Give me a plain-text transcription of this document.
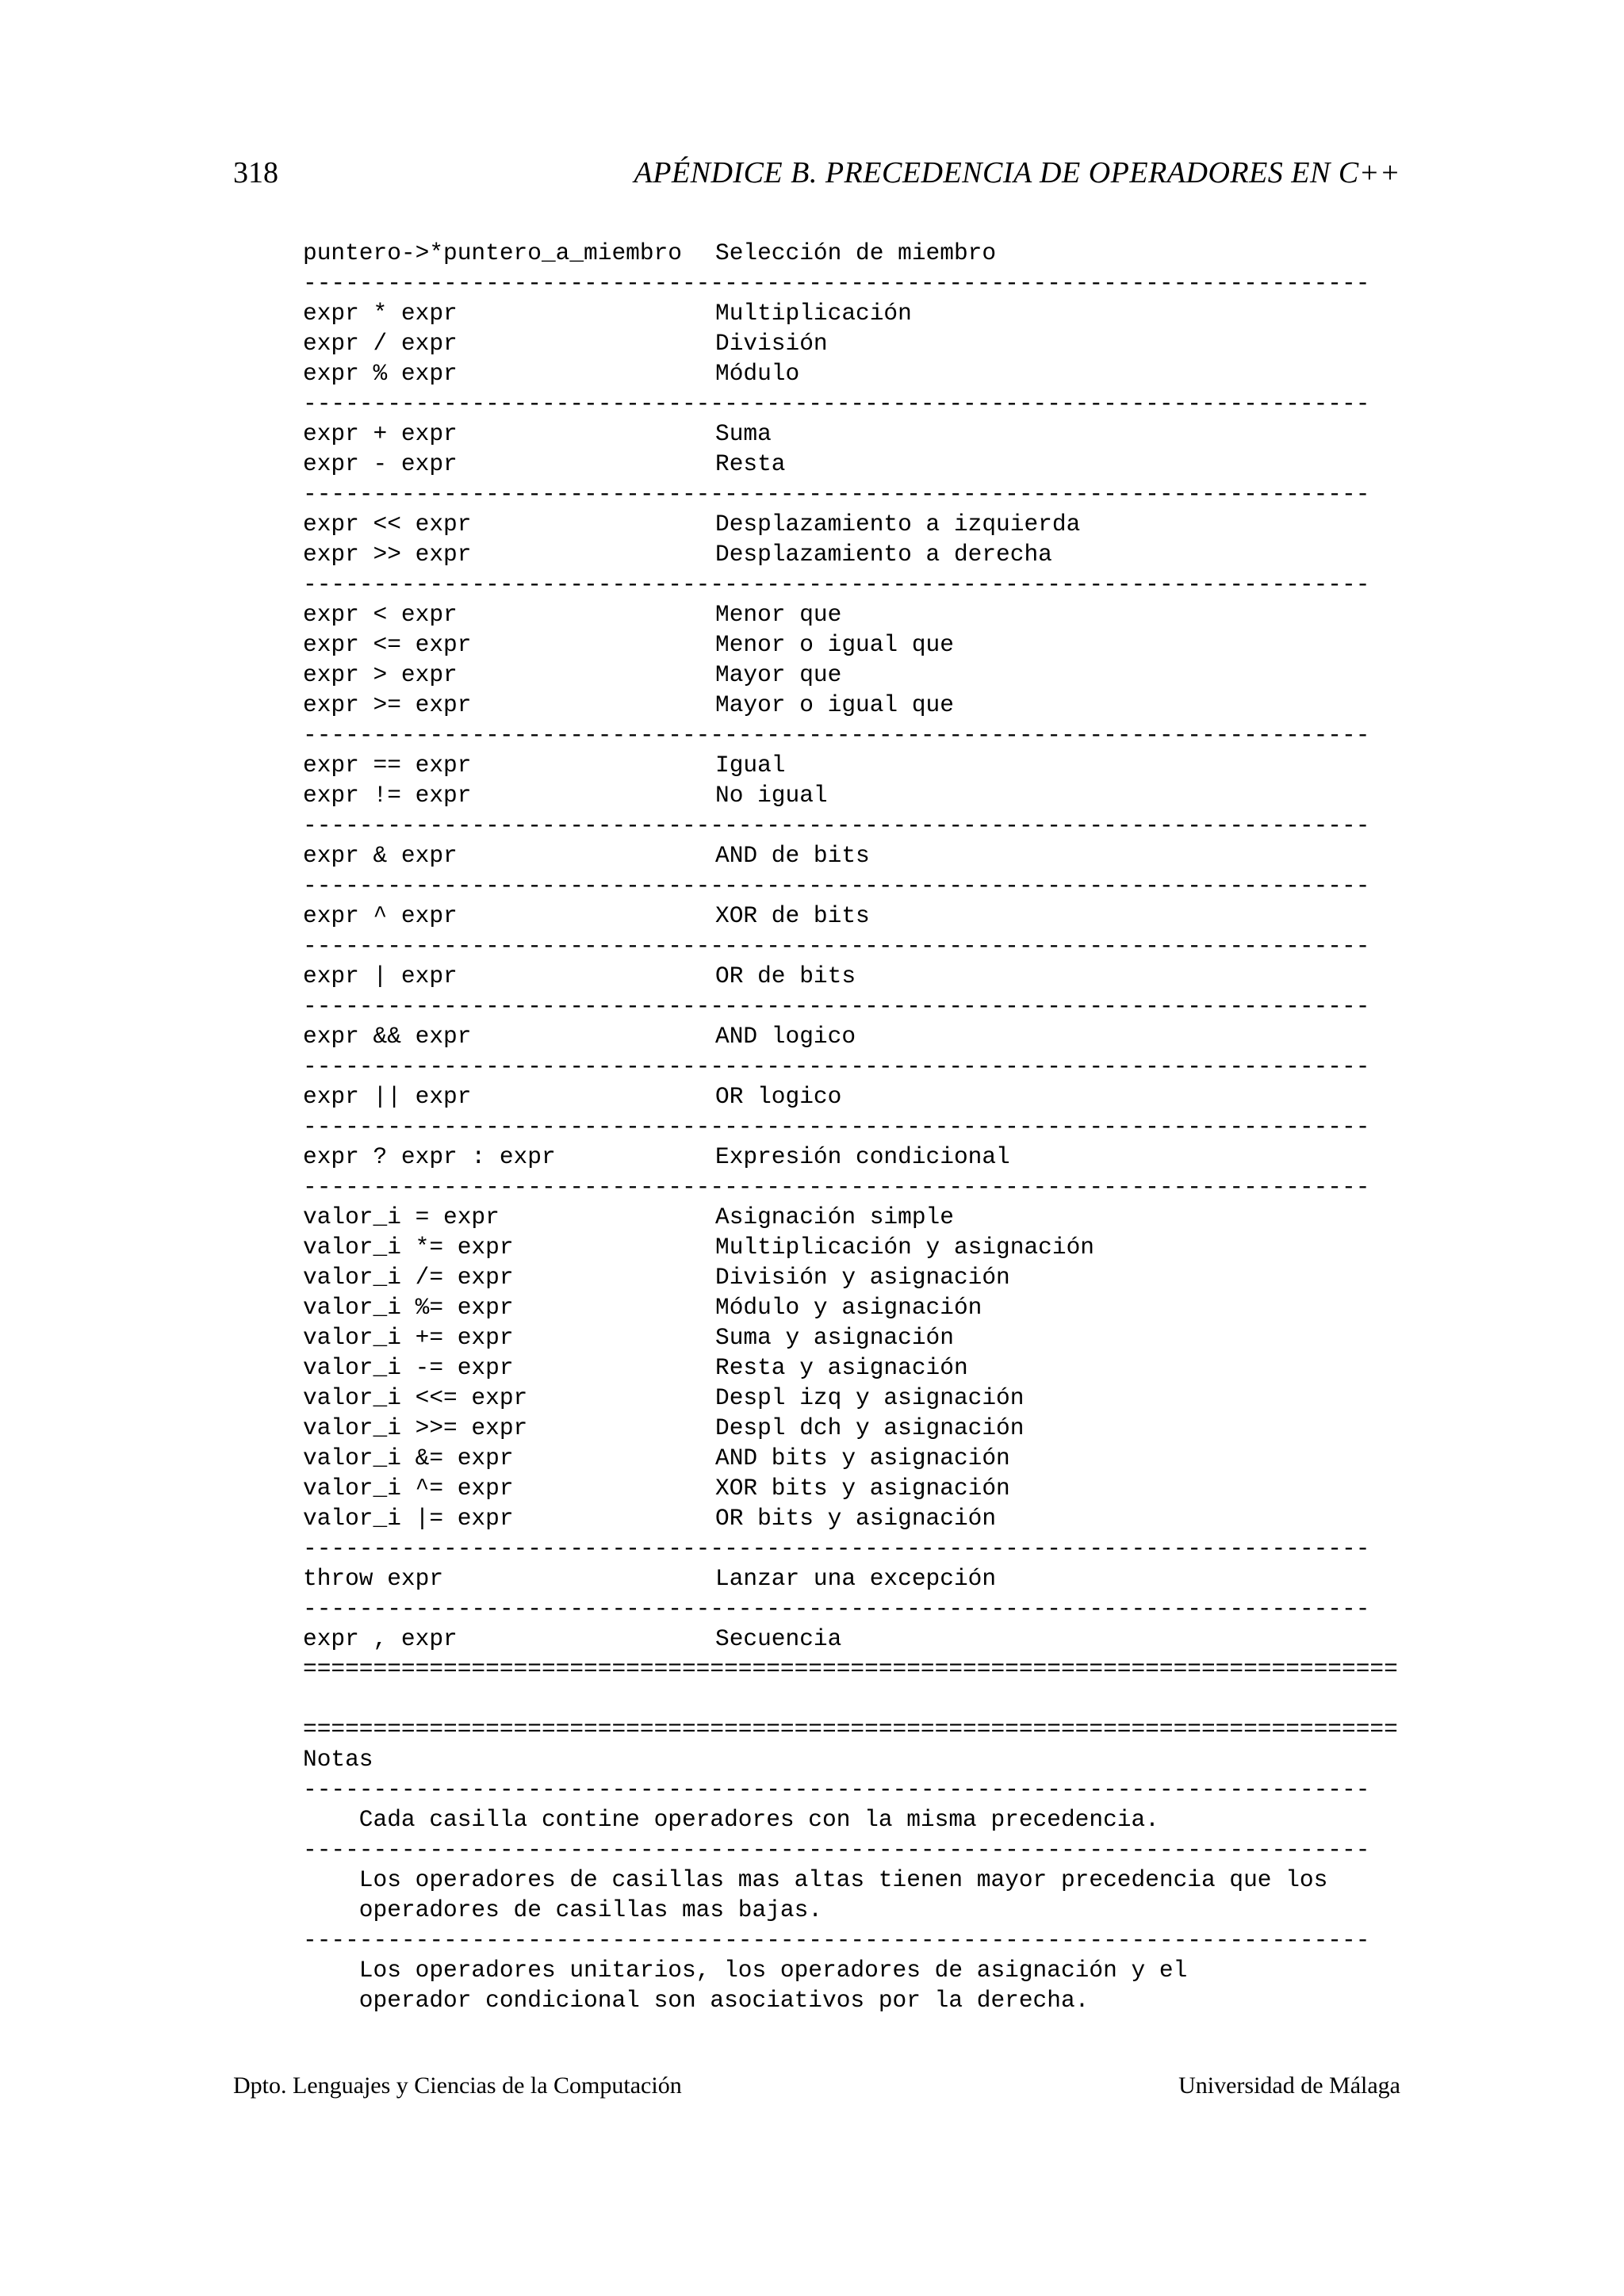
318	APÉNDICE B. PRECEDENCIA DE OPERADORES EN C++
puntero->*puntero_a_miembro Selección de miembro
----------------------------------------------------------------------------
expr * expr	Multiplicación
expr / expr	División
expr % expr	Módulo
----------------------------------------------------------------------------
expr + expr	Suma
expr - expr	Resta
----------------------------------------------------------------------------
expr << expr	Desplazamiento a izquierda
expr >> expr	Desplazamiento a derecha
----------------------------------------------------------------------------
expr < expr	Menor que
expr <= expr	Menor o igual que
expr > expr	Mayor que
expr >= expr	Mayor o igual que
----------------------------------------------------------------------------
expr == expr	Igual
expr != expr	No igual
----------------------------------------------------------------------------
expr & expr	AND de bits
----------------------------------------------------------------------------
expr ^ expr	XOR de bits
----------------------------------------------------------------------------
expr | expr	OR de bits
----------------------------------------------------------------------------
expr && expr	AND logico
----------------------------------------------------------------------------
expr || expr	OR logico
----------------------------------------------------------------------------
expr ? expr : expr	Expresión condicional
----------------------------------------------------------------------------
valor_i = expr	Asignación simple
valor_i *= expr	Multiplicación y asignación
valor_i /= expr	División y asignación
valor_i %= expr	Módulo y asignación
valor_i += expr	Suma y asignación
valor_i -= expr	Resta y asignación
valor_i <<= expr	Despl izq y asignación
valor_i >>= expr	Despl dch y asignación
valor_i &= expr	AND bits y asignación
valor_i ^= expr	XOR bits y asignación
valor_i |= expr	OR bits y asignación
----------------------------------------------------------------------------
throw expr	Lanzar una excepción
----------------------------------------------------------------------------
expr , expr	Secuencia
==============================================================================
==============================================================================
Notas
----------------------------------------------------------------------------
Cada casilla contine operadores con la misma precedencia.
----------------------------------------------------------------------------
Los operadores de casillas mas altas tienen mayor precedencia que los
operadores de casillas mas bajas.
----------------------------------------------------------------------------
Los operadores unitarios, los operadores de asignación y el
operador condicional son asociativos por la derecha.
Dpto. Lenguajes y Ciencias de la Computación	Universidad de Málaga
